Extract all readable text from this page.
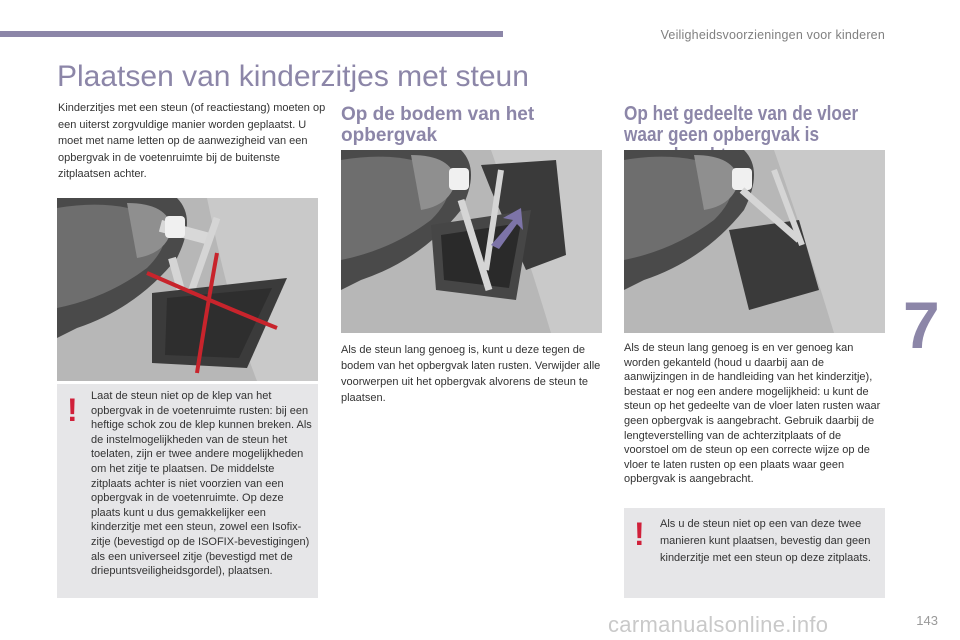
Veiligheidsvoorzieningen voor kinderen
7
Plaatsen van kinderzitjes met steun
Kinderzitjes met een steun (of reactiestang) moeten op een uiterst zorgvuldige manier worden geplaatst. U moet met name letten op de aanwezigheid van een opbergvak in de voetenruimte bij de buitenste zitplaatsen achter.
! Laat de steun niet op de klep van het opbergvak in de voetenruimte rusten: bij een heftige schok zou de klep kunnen breken. Als de instelmogelijkheden van de steun het toelaten, zijn er twee andere mogelijkheden om het zitje te plaatsen. De middelste zitplaats achter is niet voorzien van een opbergvak in de voetenruimte. Op deze plaats kunt u dus gemakkelijker een kinderzitje met een steun, zowel een Isofix-zitje (bevestigd op de ISOFIX-bevestigingen) als een universeel zitje (bevestigd met de driepuntsveiligheidsgordel), plaatsen.
Op de bodem van het opbergvak
Als de steun lang genoeg is, kunt u deze tegen de bodem van het opbergvak laten rusten. Verwijder alle voorwerpen uit het opbergvak alvorens de steun te plaatsen.
Op het gedeelte van de vloer waar geen opbergvak is
Als de steun lang genoeg is en ver genoeg kan worden gekanteld (houd u daarbij aan de aanwijzingen in de handleiding van het kinderzitje), bestaat er nog een andere mogelijkheid: u kunt de steun op het gedeelte van de vloer laten rusten waar geen opbergvak is aangebracht. Gebruik daarbij de lengteverstelling van de achterzitplaats of de voorstoel om de steun op een correcte wijze op de vloer te laten rusten op een plaats waar geen opbergvak is aangebracht.
! Als u de steun niet op een van deze twee manieren kunt plaatsen, bevestig dan geen kinderzitje met een steun op deze zitplaats.
143
carmanualsonline.info
